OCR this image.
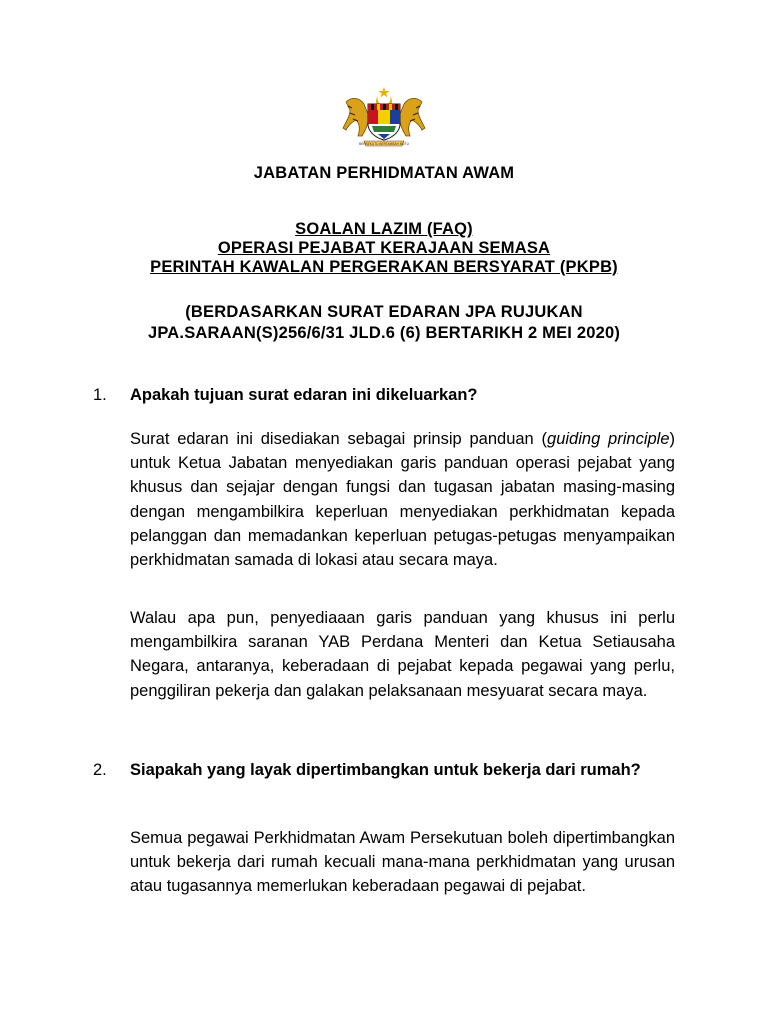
BERSEKUTU BERTAMBAH MUTU
JABATAN PERHIDMATAN AWAM
SOALAN LAZIM (FAQ)
OPERASI PEJABAT KERAJAAN SEMASA
PERINTAH KAWALAN PERGERAKAN BERSYARAT (PKPB)
(BERDASARKAN SURAT EDARAN JPA RUJUKAN
JPA.SARAAN(S)256/6/31 JLD.6 (6) BERTARIKH 2 MEI 2020)
1. Apakah tujuan surat edaran ini dikeluarkan?
Surat edaran ini disediakan sebagai prinsip panduan (guiding principle) untuk Ketua Jabatan menyediakan garis panduan operasi pejabat yang khusus dan sejajar dengan fungsi dan tugasan jabatan masing-masing dengan mengambilkira keperluan menyediakan perkhidmatan kepada pelanggan dan memadankan keperluan petugas-petugas menyampaikan perkhidmatan samada di lokasi atau secara maya.
Walau apa pun, penyediaaan garis panduan yang khusus ini perlu mengambilkira saranan YAB Perdana Menteri dan Ketua Setiausaha Negara, antaranya, keberadaan di pejabat kepada pegawai yang perlu, penggiliran pekerja dan galakan pelaksanaan mesyuarat secara maya.
2. Siapakah yang layak dipertimbangkan untuk bekerja dari rumah?
Semua pegawai Perkhidmatan Awam Persekutuan boleh dipertimbangkan untuk bekerja dari rumah kecuali mana-mana perkhidmatan yang urusan atau tugasannya memerlukan keberadaan pegawai di pejabat.
